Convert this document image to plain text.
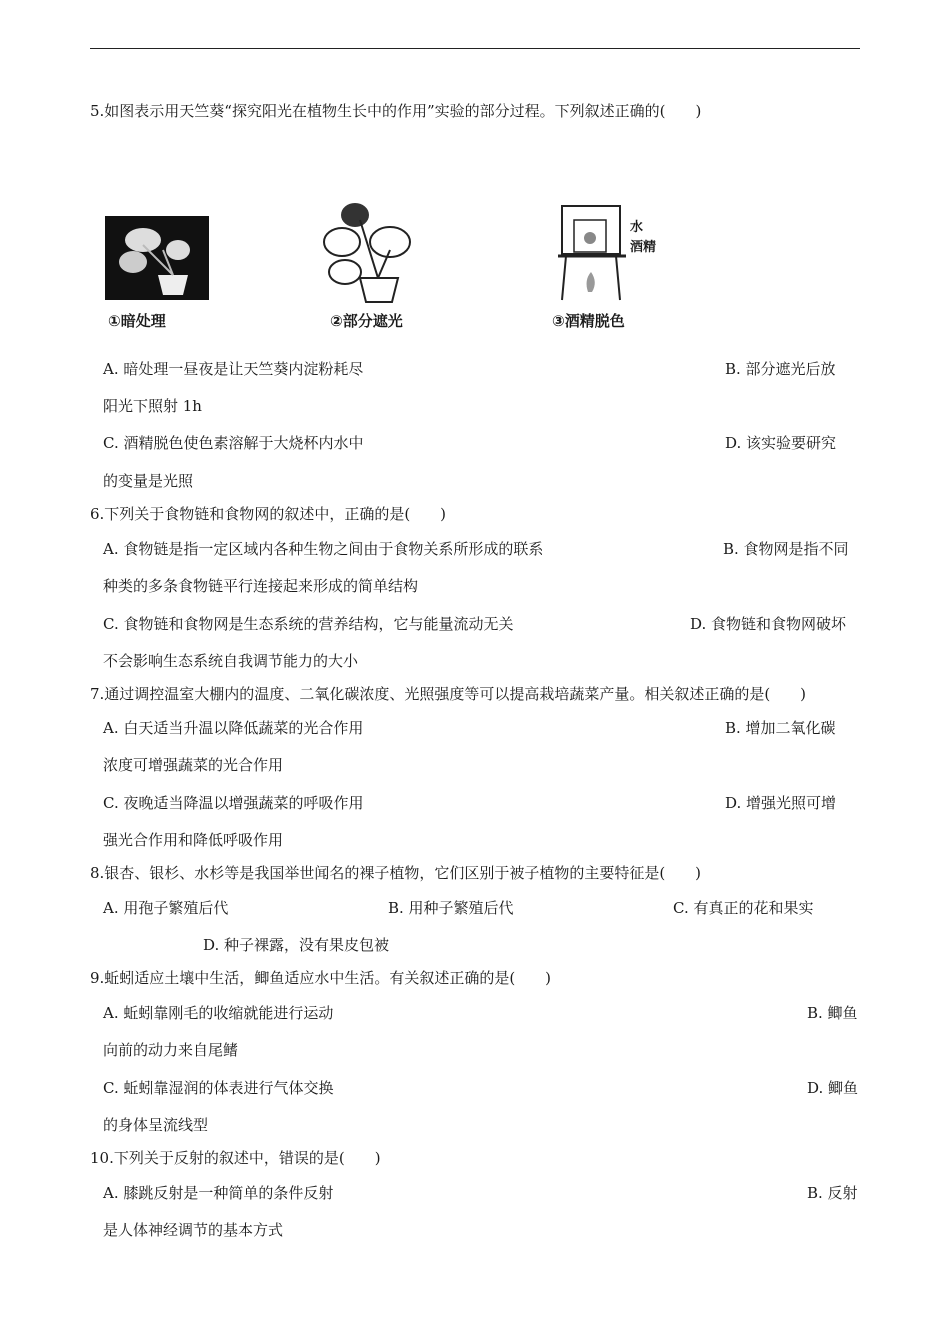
5.如图表示用天竺葵“探究阳光在植物生长中的作用”实验的部分过程。下列叙述正确的(　　)
①暗处理	②部分遮光
水
酒精
③酒精脱色
A. 暗处理一昼夜是让天竺葵内淀粉耗尽	B. 部分遮光后放
阳光下照射 1h
C. 酒精脱色使色素溶解于大烧杯内水中	D. 该实验要研究
的变量是光照
6.下列关于食物链和食物网的叙述中，正确的是(　　)
A. 食物链是指一定区域内各种生物之间由于食物关系所形成的联系	B. 食物网是指不同
种类的多条食物链平行连接起来形成的简单结构
C. 食物链和食物网是生态系统的营养结构，它与能量流动无关	D. 食物链和食物网破坏
不会影响生态系统自我调节能力的大小
7.通过调控温室大棚内的温度、二氧化碳浓度、光照强度等可以提高栽培蔬菜产量。相关叙述正确的是(　　)
A. 白天适当升温以降低蔬菜的光合作用	B. 增加二氧化碳
浓度可增强蔬菜的光合作用
C. 夜晚适当降温以增强蔬菜的呼吸作用	D. 增强光照可增
强光合作用和降低呼吸作用
8.银杏、银杉、水杉等是我国举世闻名的裸子植物，它们区别于被子植物的主要特征是(　　)
A. 用孢子繁殖后代	B. 用种子繁殖后代	C. 有真正的花和果实
D. 种子裸露，没有果皮包被
9.蚯蚓适应土壤中生活，鲫鱼适应水中生活。有关叙述正确的是(　　)
A. 蚯蚓靠刚毛的收缩就能进行运动	B. 鲫鱼
向前的动力来自尾鳍
C. 蚯蚓靠湿润的体表进行气体交换	D. 鲫鱼
的身体呈流线型
10.下列关于反射的叙述中，错误的是(　　)
A. 膝跳反射是一种简单的条件反射	B. 反射
是人体神经调节的基本方式
